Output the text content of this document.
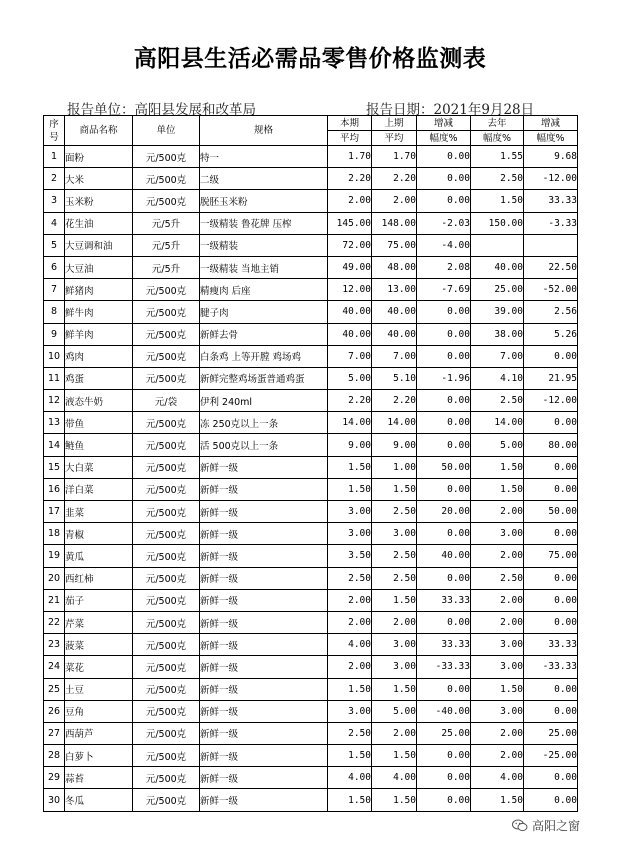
高阳县生活必需品零售价格监测表
报告单位：高阳县发展和改革局	报告日期：2021年9月28日
序
号	商品名称	单位	规格	本期	上期	增减	去年	增减
				平均	平均	幅度%	幅度%	幅度%
1	面粉	元/500克	特一	1.70	1.70	0.00	1.55	9.68
2	大米	元/500克	二级	2.20	2.20	0.00	2.50	-12.00
3	玉米粉	元/500克	脱胚玉米粉	2.00	2.00	0.00	1.50	33.33
4	花生油	元/5升	一级精装 鲁花牌 压榨	145.00	148.00	-2.03	150.00	-3.33
5	大豆调和油	元/5升	一级精装	72.00	75.00	-4.00		
6	大豆油	元/5升	一级精装 当地主销	49.00	48.00	2.08	40.00	22.50
7	鲜猪肉	元/500克	精瘦肉 后座	12.00	13.00	-7.69	25.00	-52.00
8	鲜牛肉	元/500克	腱子肉	40.00	40.00	0.00	39.00	2.56
9	鲜羊肉	元/500克	新鲜去骨	40.00	40.00	0.00	38.00	5.26
10	鸡肉	元/500克	白条鸡 上等开膛 鸡场鸡	7.00	7.00	0.00	7.00	0.00
11	鸡蛋	元/500克	新鲜完整鸡场蛋普通鸡蛋	5.00	5.10	-1.96	4.10	21.95
12	液态牛奶	元/袋	伊利 240ml	2.20	2.20	0.00	2.50	-12.00
13	带鱼	元/500克	冻 250克以上一条	14.00	14.00	0.00	14.00	0.00
14	鲢鱼	元/500克	活 500克以上一条	9.00	9.00	0.00	5.00	80.00
15	大白菜	元/500克	新鲜一级	1.50	1.00	50.00	1.50	0.00
16	洋白菜	元/500克	新鲜一级	1.50	1.50	0.00	1.50	0.00
17	韭菜	元/500克	新鲜一级	3.00	2.50	20.00	2.00	50.00
18	青椒	元/500克	新鲜一级	3.00	3.00	0.00	3.00	0.00
19	黄瓜	元/500克	新鲜一级	3.50	2.50	40.00	2.00	75.00
20	西红柿	元/500克	新鲜一级	2.50	2.50	0.00	2.50	0.00
21	茄子	元/500克	新鲜一级	2.00	1.50	33.33	2.00	0.00
22	芹菜	元/500克	新鲜一级	2.00	2.00	0.00	2.00	0.00
23	菠菜	元/500克	新鲜一级	4.00	3.00	33.33	3.00	33.33
24	菜花	元/500克	新鲜一级	2.00	3.00	-33.33	3.00	-33.33
25	土豆	元/500克	新鲜一级	1.50	1.50	0.00	1.50	0.00
26	豆角	元/500克	新鲜一级	3.00	5.00	-40.00	3.00	0.00
27	西葫芦	元/500克	新鲜一级	2.50	2.00	25.00	2.00	25.00
28	白萝卜	元/500克	新鲜一级	1.50	1.50	0.00	2.00	-25.00
29	蒜苔	元/500克	新鲜一级	4.00	4.00	0.00	4.00	0.00
30	冬瓜	元/500克	新鲜一级	1.50	1.50	0.00	1.50	0.00
高阳之窗
